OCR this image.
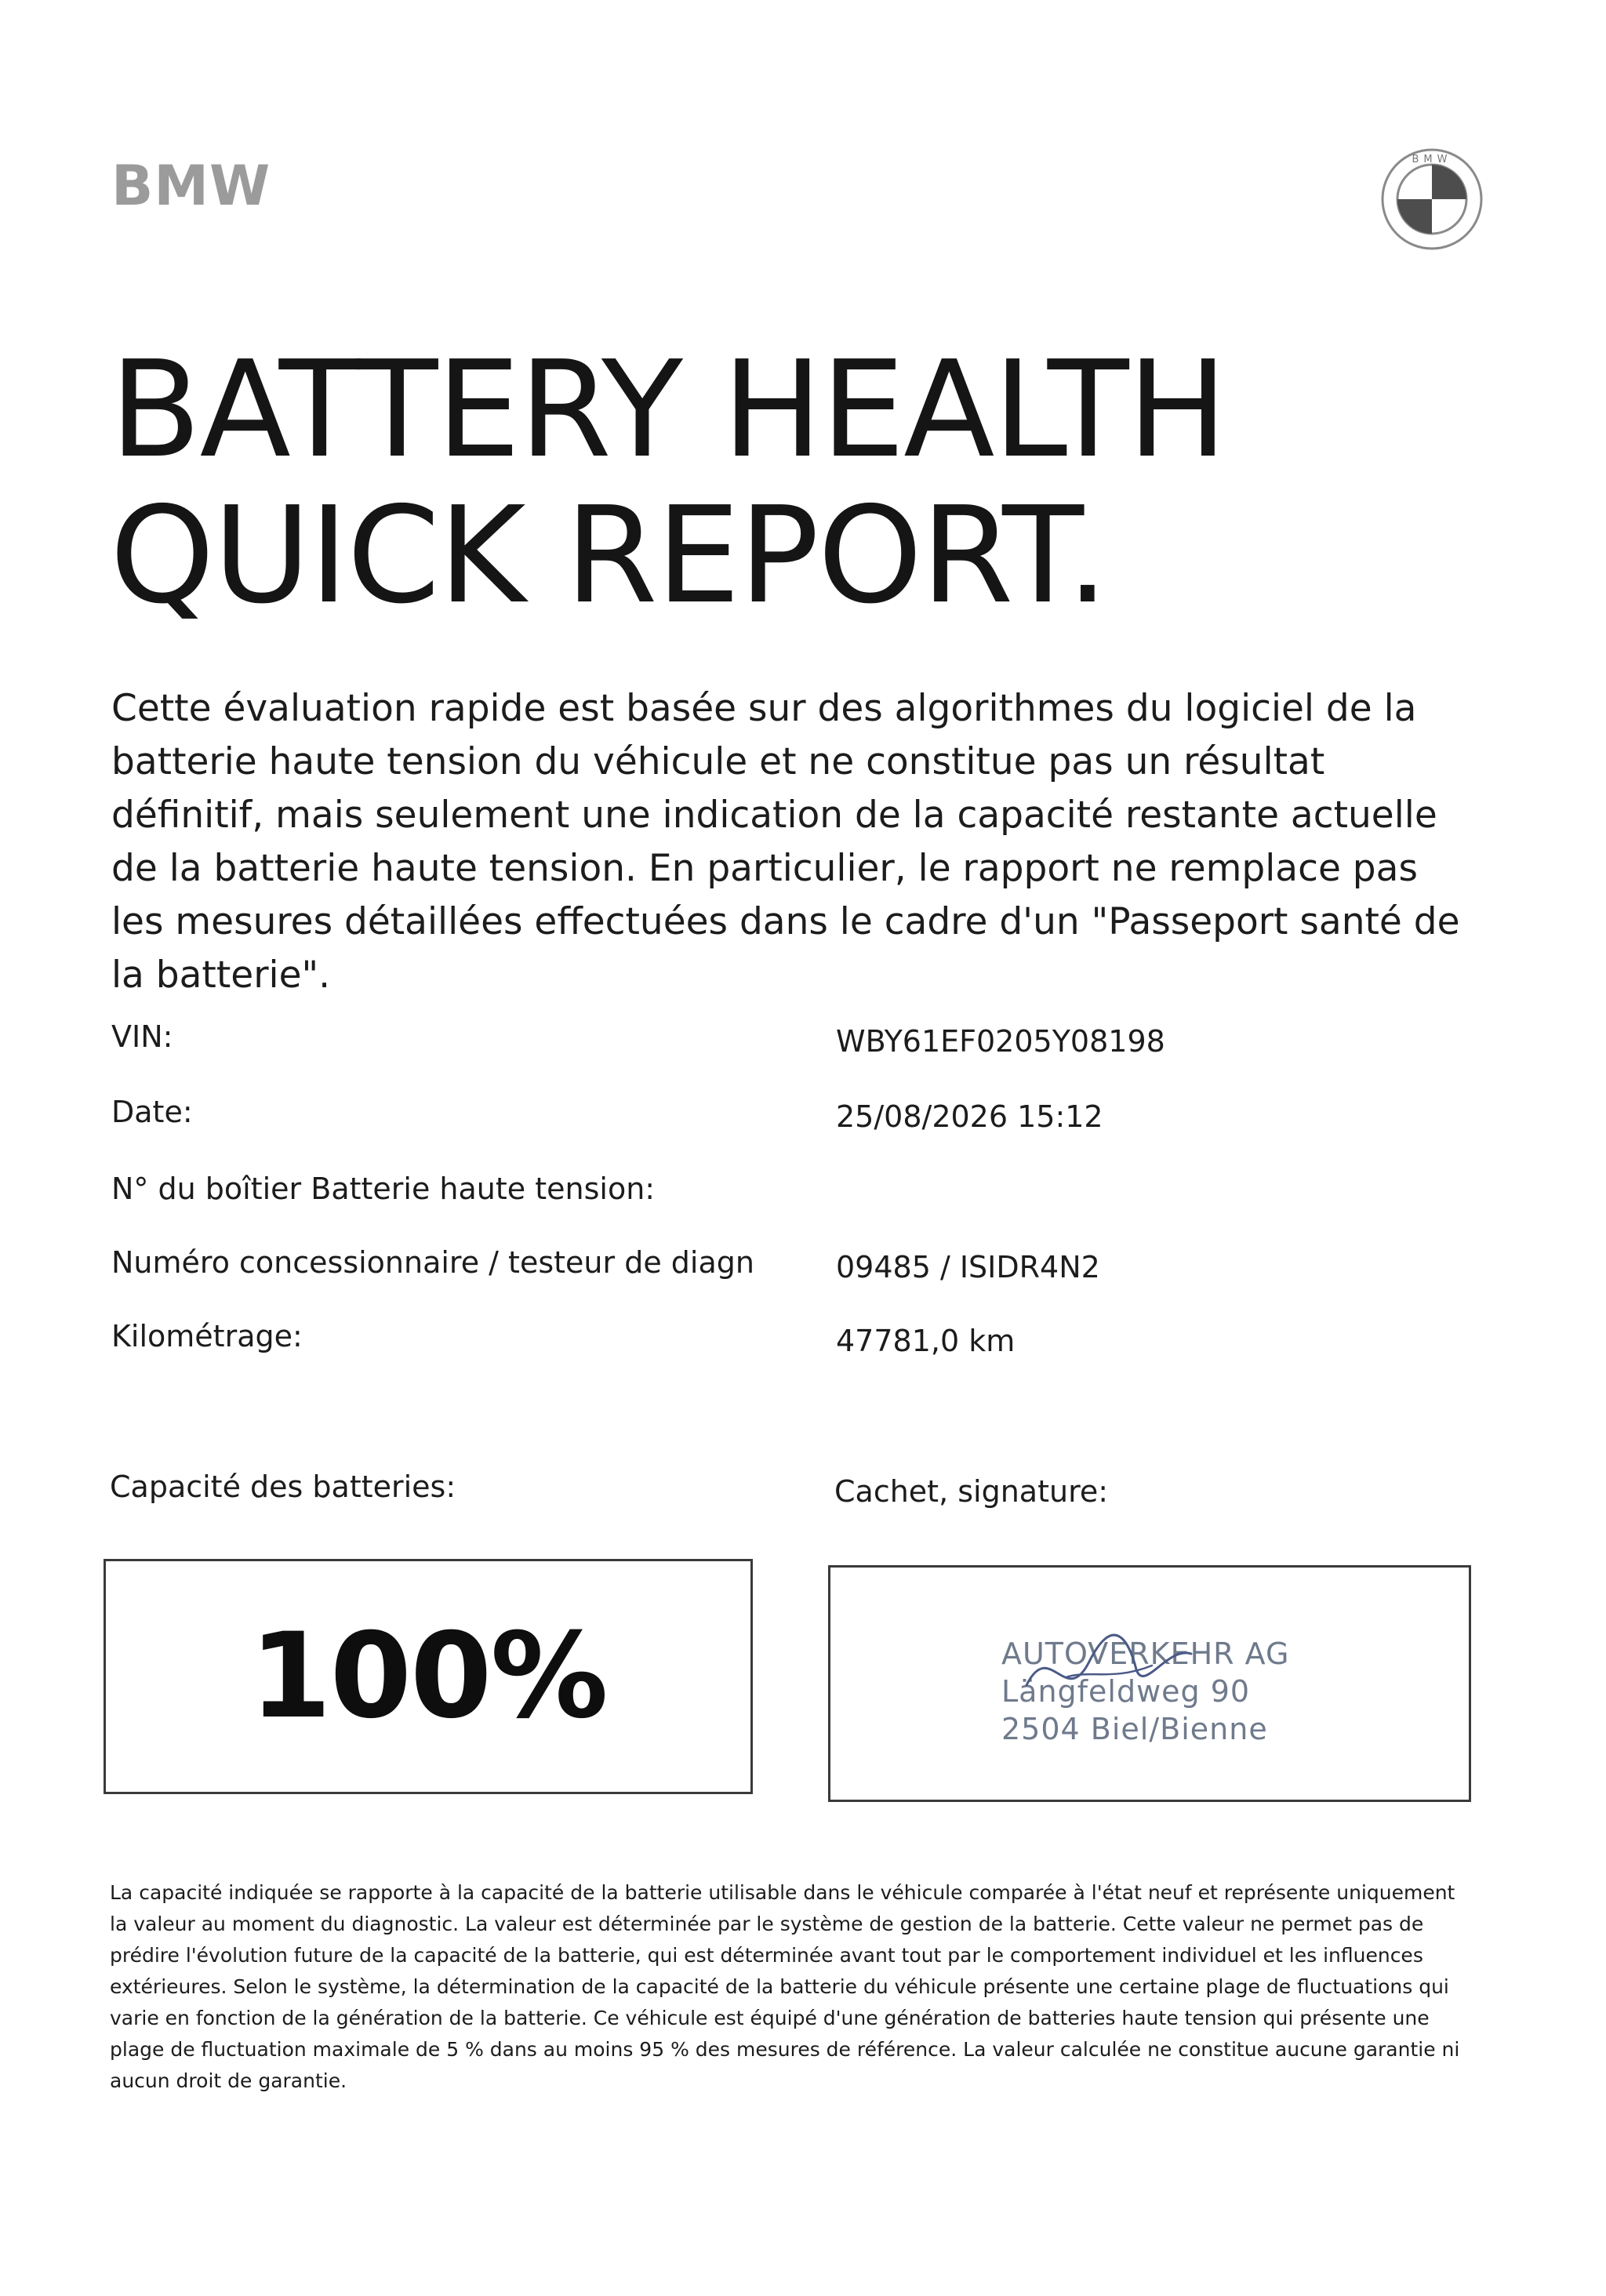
BMW	BMW
BATTERY HEALTH
QUICK REPORT.

Cette évaluation rapide est basée sur des algorithmes du logiciel de la batterie haute tension du véhicule et ne constitue pas un résultat définitif, mais seulement une indication de la capacité restante actuelle de la batterie haute tension. En particulier, le rapport ne remplace pas les mesures détaillées effectuées dans le cadre d'un "Passeport santé de la batterie".

VIN:	WBY61EF0205Y08198
Date:	25/08/2026 15:12
N° du boîtier Batterie haute tension:
Numéro concessionnaire / testeur de diagn	09485 / ISIDR4N2
Kilométrage:	47781,0 km
Capacité des batteries:	Cachet, signature:
100%	AUTOVERKEHR AG
Längfeldweg 90
2504 Biel/Bienne

La capacité indiquée se rapporte à la capacité de la batterie utilisable dans le véhicule comparée à l'état neuf et représente uniquement la valeur au moment du diagnostic. La valeur est déterminée par le système de gestion de la batterie. Cette valeur ne permet pas de prédire l'évolution future de la capacité de la batterie, qui est déterminée avant tout par le comportement individuel et les influences extérieures. Selon le système, la détermination de la capacité de la batterie du véhicule présente une certaine plage de fluctuations qui varie en fonction de la génération de la batterie. Ce véhicule est équipé d'une génération de batteries haute tension qui présente une plage de fluctuation maximale de 5 % dans au moins 95 % des mesures de référence. La valeur calculée ne constitue aucune garantie ni aucun droit de garantie.
